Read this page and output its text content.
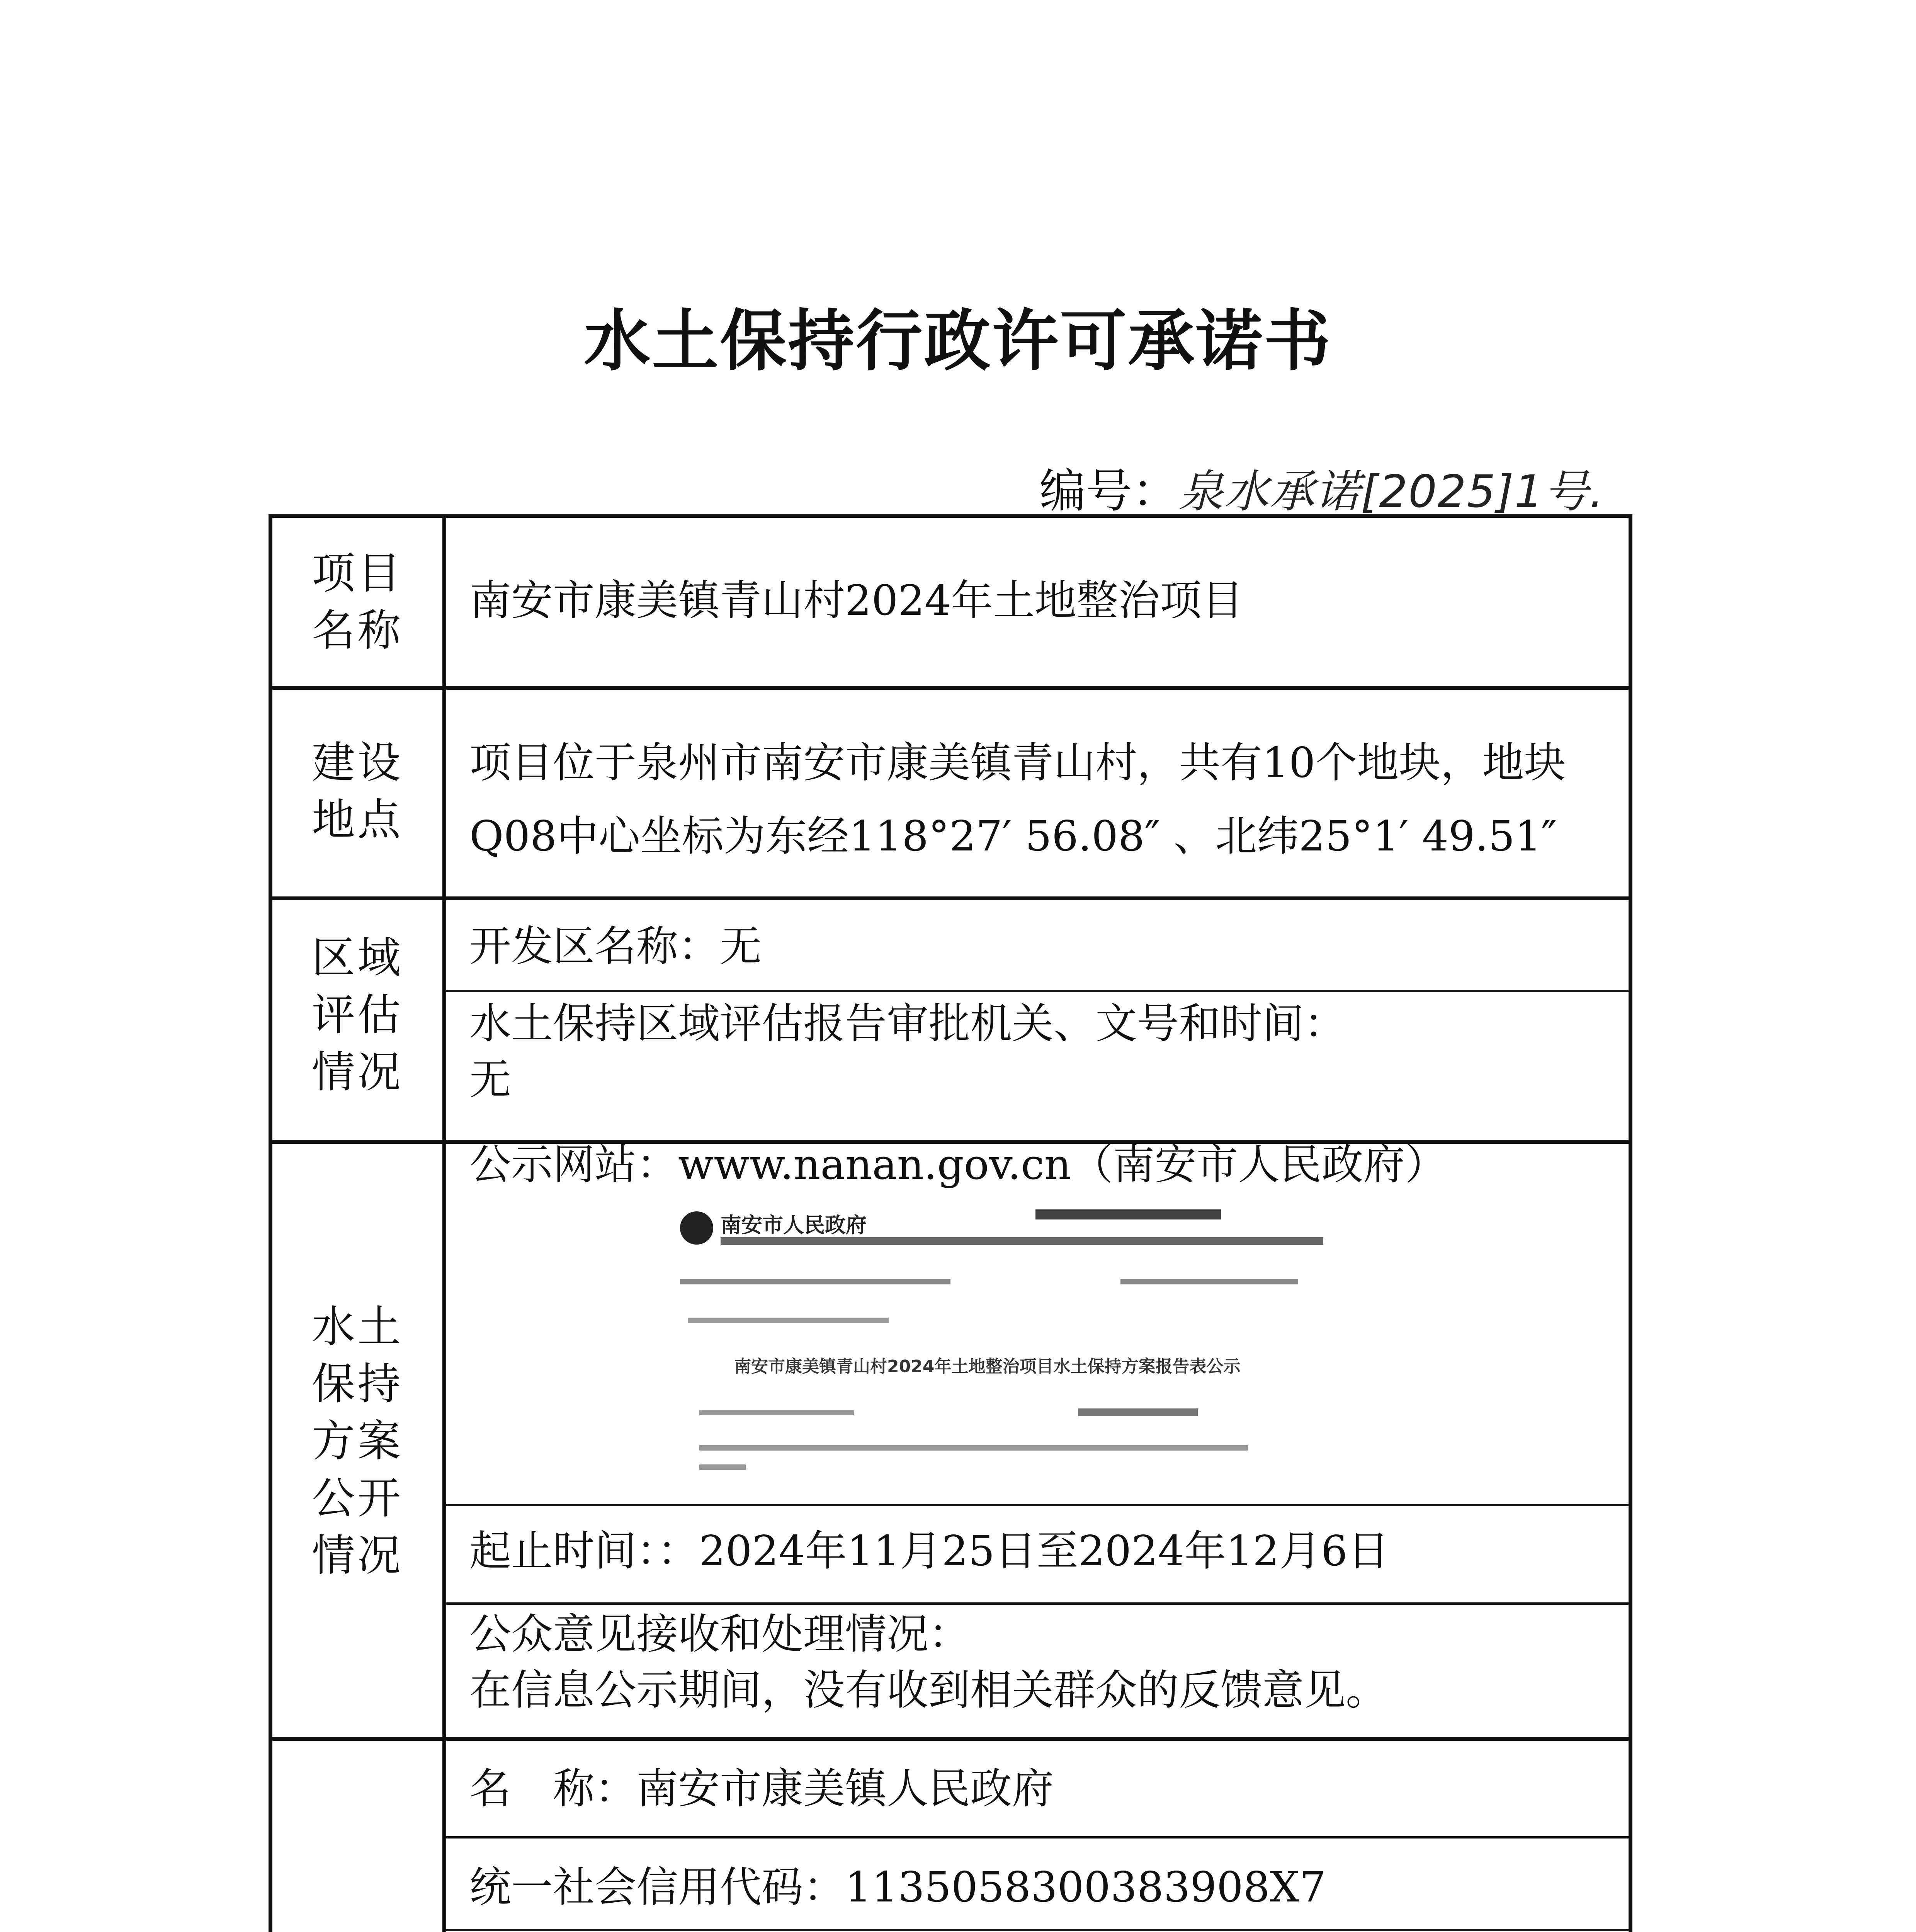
水土保持行政许可承诺书
编号：泉水承诺[2025]1号.
项目
名称
南安市康美镇青山村2024年土地整治项目
建设
地点
项目位于泉州市南安市康美镇青山村，共有10个地块，地块
Q08中心坐标为东经118°27′ 56.08″ 、北纬25°1′ 49.51″
区域
评估
情况
开发区名称：无
水土保持区域评估报告审批机关、文号和时间：
无
水土
保持
方案
公开
情况
公示网站：www.nanan.gov.cn（南安市人民政府）
南安市人民政府
南安市康美镇青山村2024年土地整治项目水土保持方案报告表公示
起止时间：：2024年11月25日至2024年12月6日
公众意见接收和处理情况：
在信息公示期间，没有收到相关群众的反馈意见。
名　称：南安市康美镇人民政府
统一社会信用代码：1135058300383908X7
